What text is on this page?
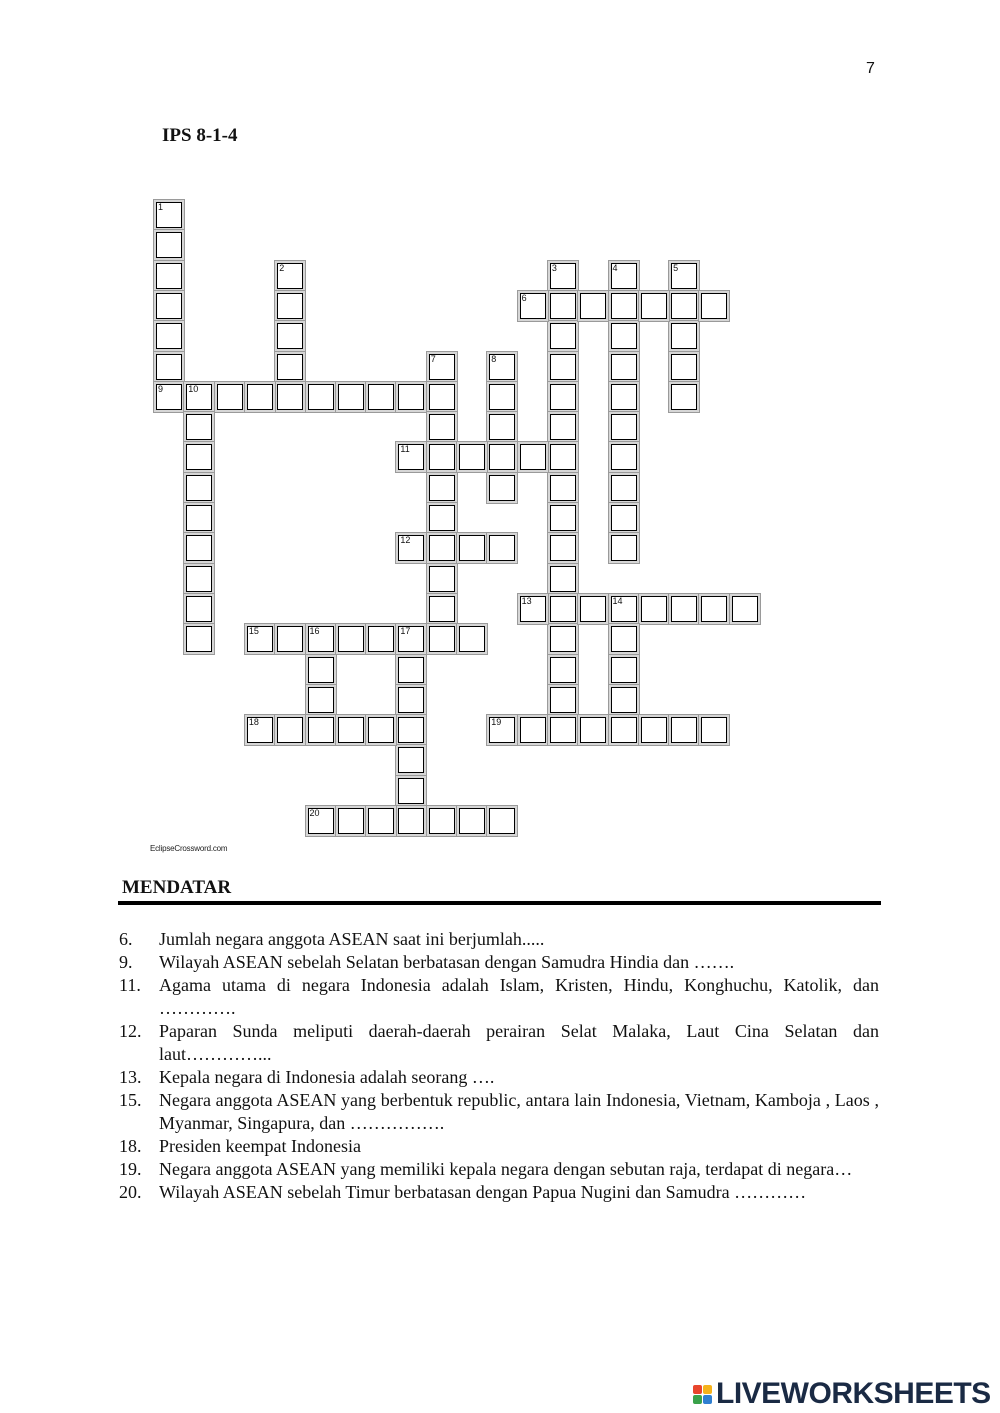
7
IPS 8-1-4
1
9
2	3	4	5
6
7	8
10
11
12
13	14
15	16	17
18	19
20
EclipseCrossword.com
MENDATAR
6.	Jumlah negara anggota ASEAN saat ini berjumlah.....
9.	Wilayah ASEAN sebelah Selatan berbatasan dengan Samudra Hindia dan …….
11.	Agama utama di negara Indonesia adalah Islam, Kristen, Hindu, Konghuchu, Katolik, dan ………….
12. Paparan Sunda meliputi daerah-daerah perairan Selat Malaka, Laut Cina Selatan dan laut…………...
13. Kepala negara di Indonesia adalah seorang ….
15. Negara anggota ASEAN yang berbentuk republic, antara lain Indonesia, Vietnam, Kamboja , Laos , Myanmar, Singapura, dan …………….
18. Presiden keempat Indonesia
19. Negara anggota ASEAN yang memiliki kepala negara dengan sebutan raja, terdapat di negara…
20. Wilayah ASEAN sebelah Timur berbatasan dengan Papua Nugini dan Samudra …………
LIVEWORKSHEETS
